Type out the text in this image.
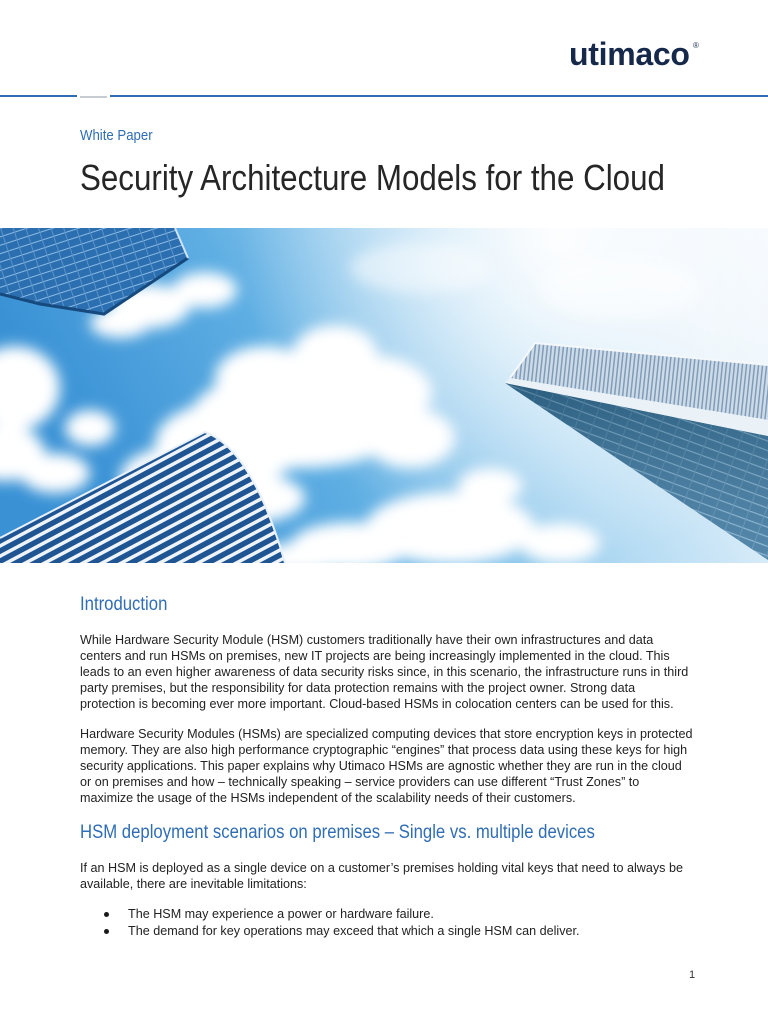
utimaco ®
White Paper
Security Architecture Models for the Cloud
Introduction

While Hardware Security Module (HSM) customers traditionally have their own infrastructures and data
centers and run HSMs on premises, new IT projects are being increasingly implemented in the cloud. This
leads to an even higher awareness of data security risks since, in this scenario, the infrastructure runs in third
party premises, but the responsibility for data protection remains with the project owner. Strong data
protection is becoming ever more important. Cloud-based HSMs in colocation centers can be used for this.

Hardware Security Modules (HSMs) are specialized computing devices that store encryption keys in protected
memory. They are also high performance cryptographic “engines” that process data using these keys for high
security applications. This paper explains why Utimaco HSMs are agnostic whether they are run in the cloud
or on premises and how – technically speaking – service providers can use different “Trust Zones” to
maximize the usage of the HSMs independent of the scalability needs of their customers.

HSM deployment scenarios on premises – Single vs. multiple devices

If an HSM is deployed as a single device on a customer’s premises holding vital keys that need to always be
available, there are inevitable limitations:

The HSM may experience a power or hardware failure.
The demand for key operations may exceed that which a single HSM can deliver.
1
